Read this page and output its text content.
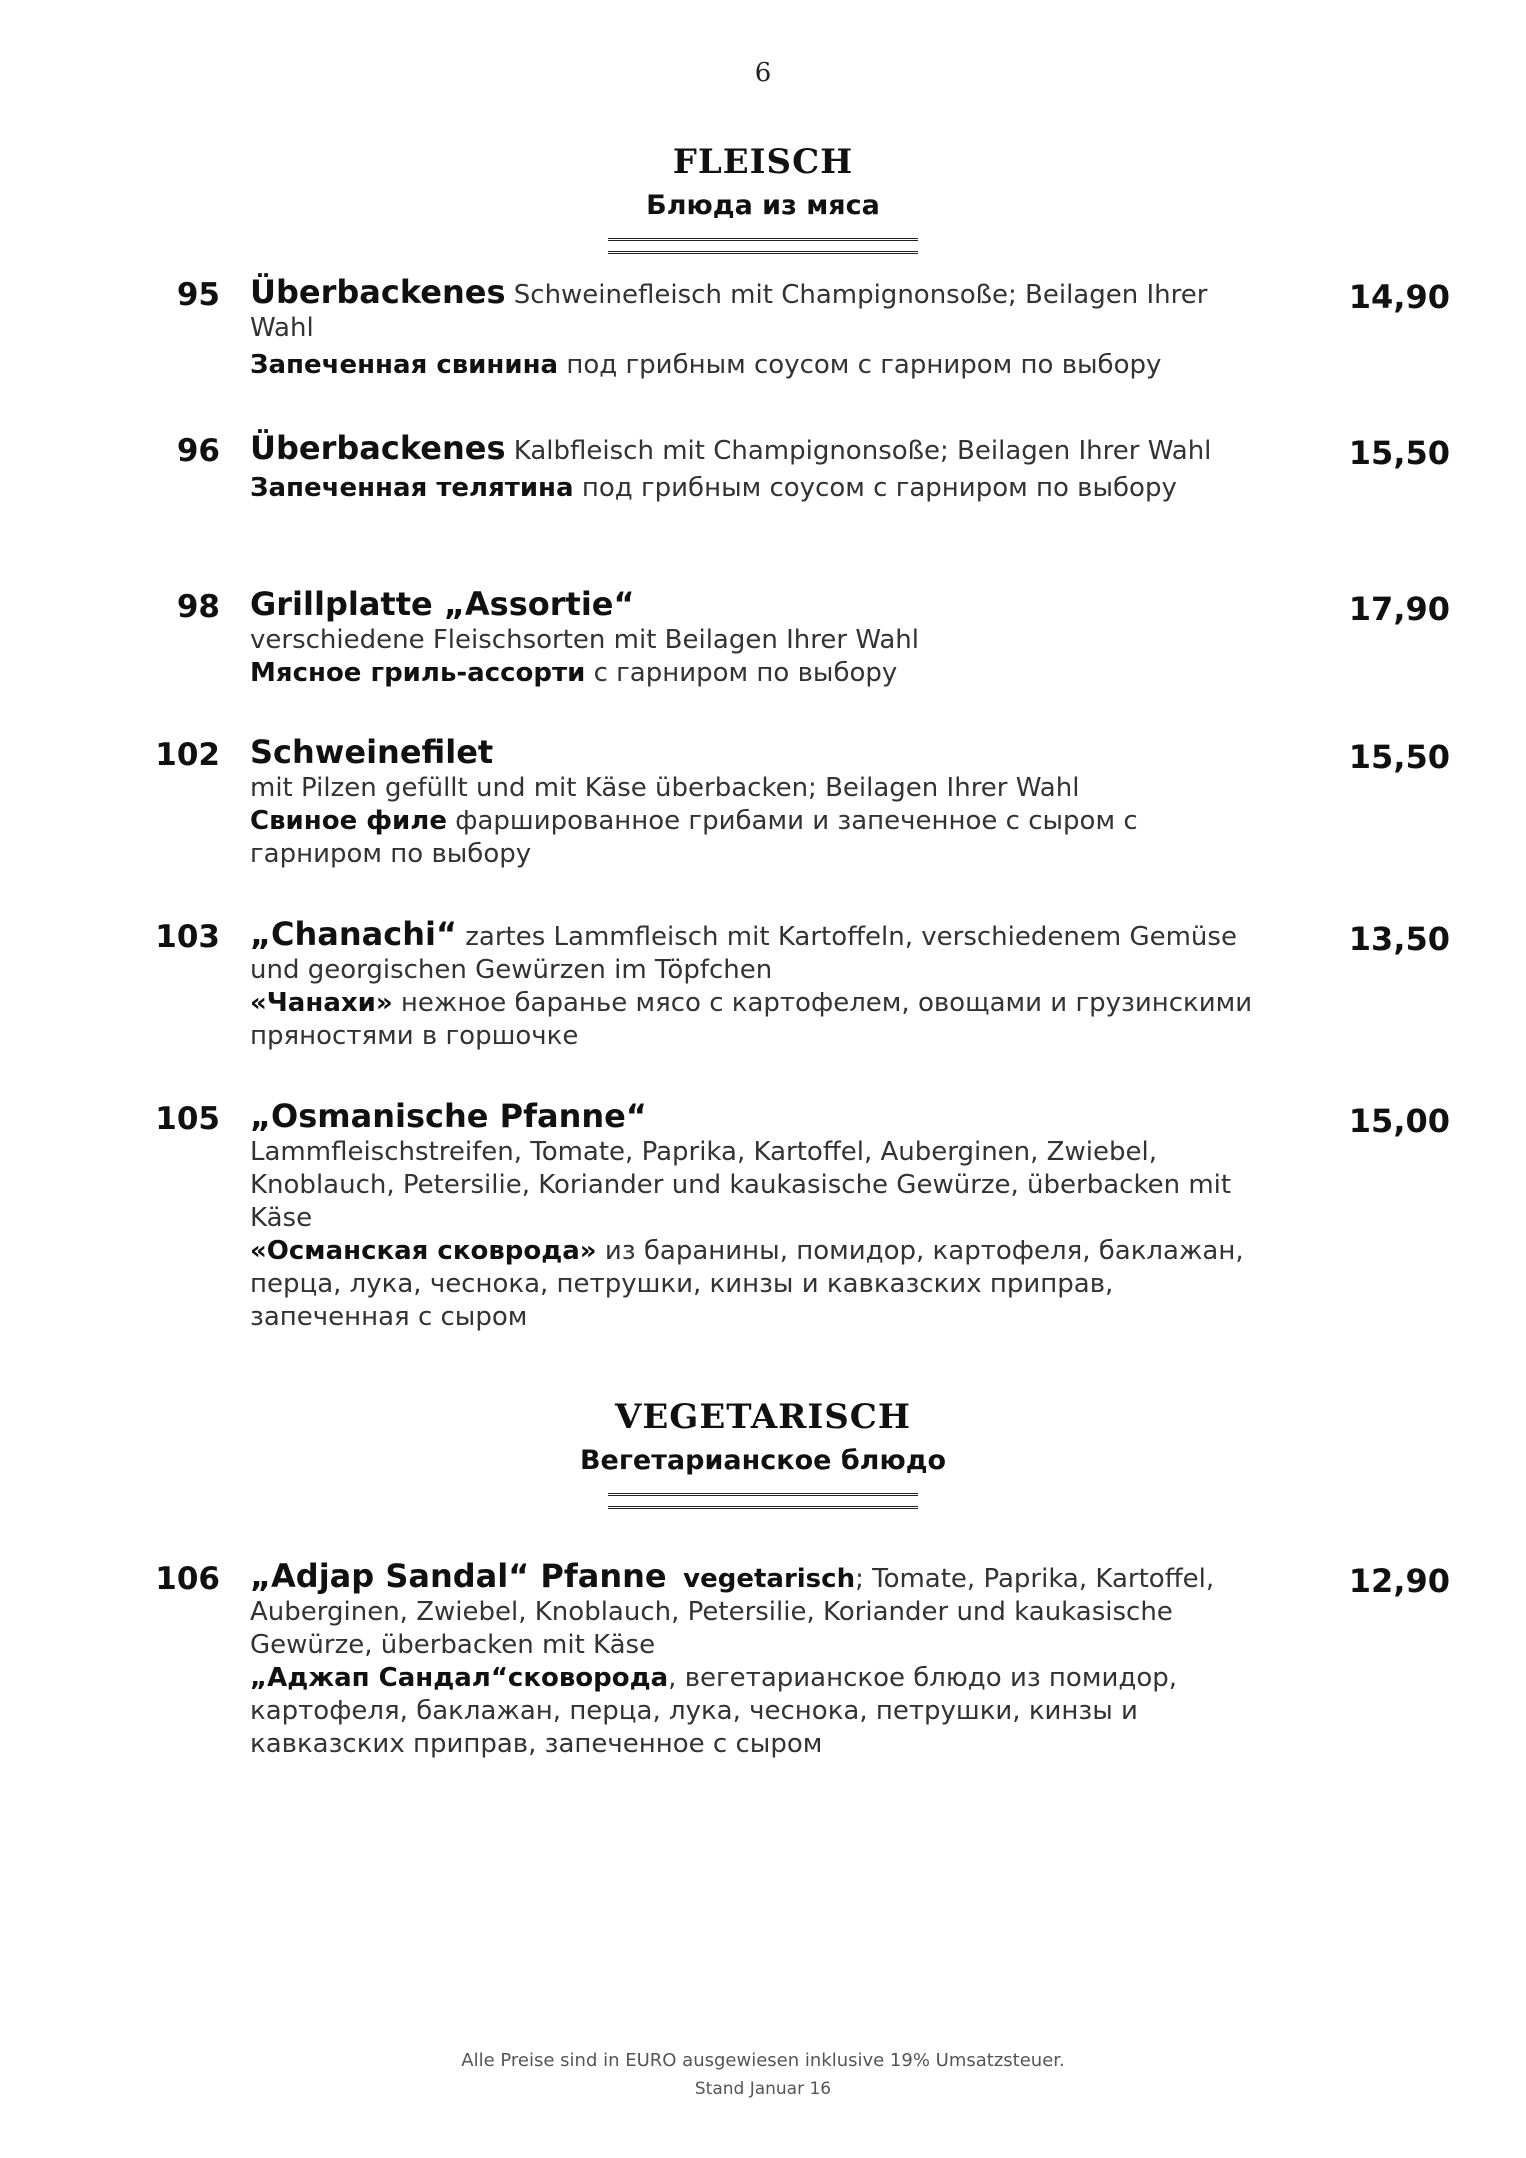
6
FLEISCH
Блюда из мяса
95 Überbackenes Schweinefleisch mit Champignonsoße; Beilagen Ihrer Wahl

Запеченная свинина под грибным соусом с гарниром по выбору

14,90
96 Überbackenes Kalbfleisch mit Champignonsoße; Beilagen Ihrer Wahl

Запеченная телятина под грибным соусом с гарниром по выбору

15,50
98 Grillplatte „Assortie“

verschiedene Fleischsorten mit Beilagen Ihrer Wahl

Мясное гриль-ассорти с гарниром по выбору

17,90
102 Schweinefilet

mit Pilzen gefüllt und mit Käse überbacken; Beilagen Ihrer Wahl

Свиное филе фаршированное грибами и запеченное с сыром с гарниром по выбору

15,50
103 „Chanachi“ zartes Lammfleisch mit Kartoffeln, verschiedenem Gemüse und georgischen Gewürzen im Töpfchen

«Чанахи» нежное баранье мясо с картофелем, овощами и грузинскими пряностями в горшочке

13,50
105 „Osmanische Pfanne“

Lammfleischstreifen, Tomate, Paprika, Kartoffel, Auberginen, Zwiebel, Knoblauch, Petersilie, Koriander und kaukasische Gewürze, überbacken mit Käse

«Османская сковрода» из баранины, помидор, картофеля, баклажан, перца, лука, чеснока, петрушки, кинзы и кавказских приправ, запеченная с сыром

15,00
VEGETARISCH
Вегетарианское блюдо
106 „Adjap Sandal“ Pfanne vegetarisch; Tomate, Paprika, Kartoffel, Auberginen, Zwiebel, Knoblauch, Petersilie, Koriander und kaukasische Gewürze, überbacken mit Käse

„Аджап Сандал“сковорода, вегетарианское блюдо из помидор, картофеля, баклажан, перца, лука, чеснока, петрушки, кинзы и кавказских приправ, запеченное с сыром

12,90
Alle Preise sind in EURO ausgewiesen inklusive 19% Umsatzsteuer.
Stand Januar 16
